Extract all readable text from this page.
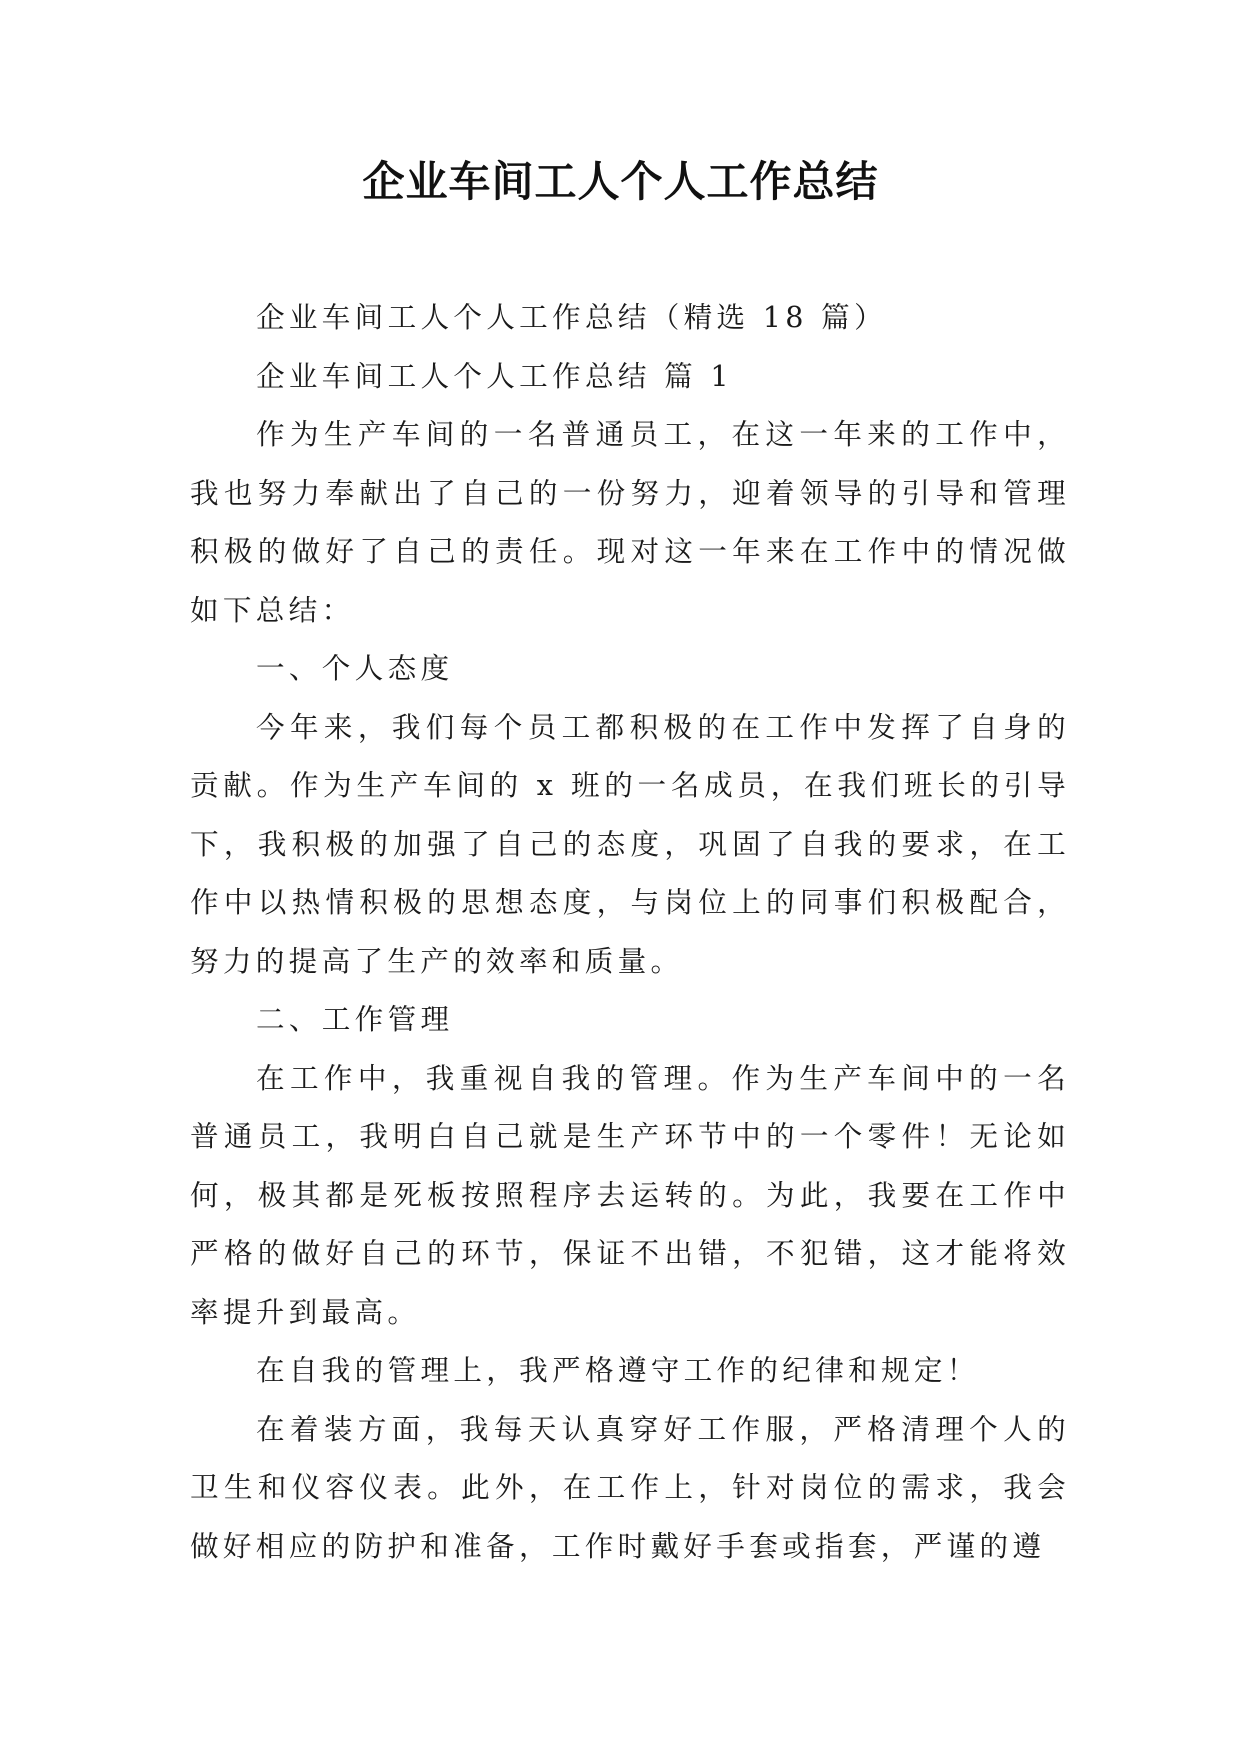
企业车间工人个人工作总结

企业车间工人个人工作总结（精选 18 篇）

企业车间工人个人工作总结 篇 1

作为生产车间的一名普通员工，在这一年来的工作中，我也努力奉献出了自己的一份努力，迎着领导的引导和管理积极的做好了自己的责任。现对这一年来在工作中的情况做如下总结：

一、个人态度

今年来，我们每个员工都积极的在工作中发挥了自身的贡献。作为生产车间的 x 班的一名成员，在我们班长的引导下，我积极的加强了自己的态度，巩固了自我的要求，在工作中以热情积极的思想态度，与岗位上的同事们积极配合，努力的提高了生产的效率和质量。

二、工作管理

在工作中，我重视自我的管理。作为生产车间中的一名普通员工，我明白自己就是生产环节中的一个零件！无论如何，极其都是死板按照程序去运转的。为此，我要在工作中严格的做好自己的环节，保证不出错，不犯错，这才能将效率提升到最高。

在自我的管理上，我严格遵守工作的纪律和规定！

在着装方面，我每天认真穿好工作服，严格清理个人的卫生和仪容仪表。此外，在工作上，针对岗位的需求，我会做好相应的防护和准备，工作时戴好手套或指套，严谨的遵
